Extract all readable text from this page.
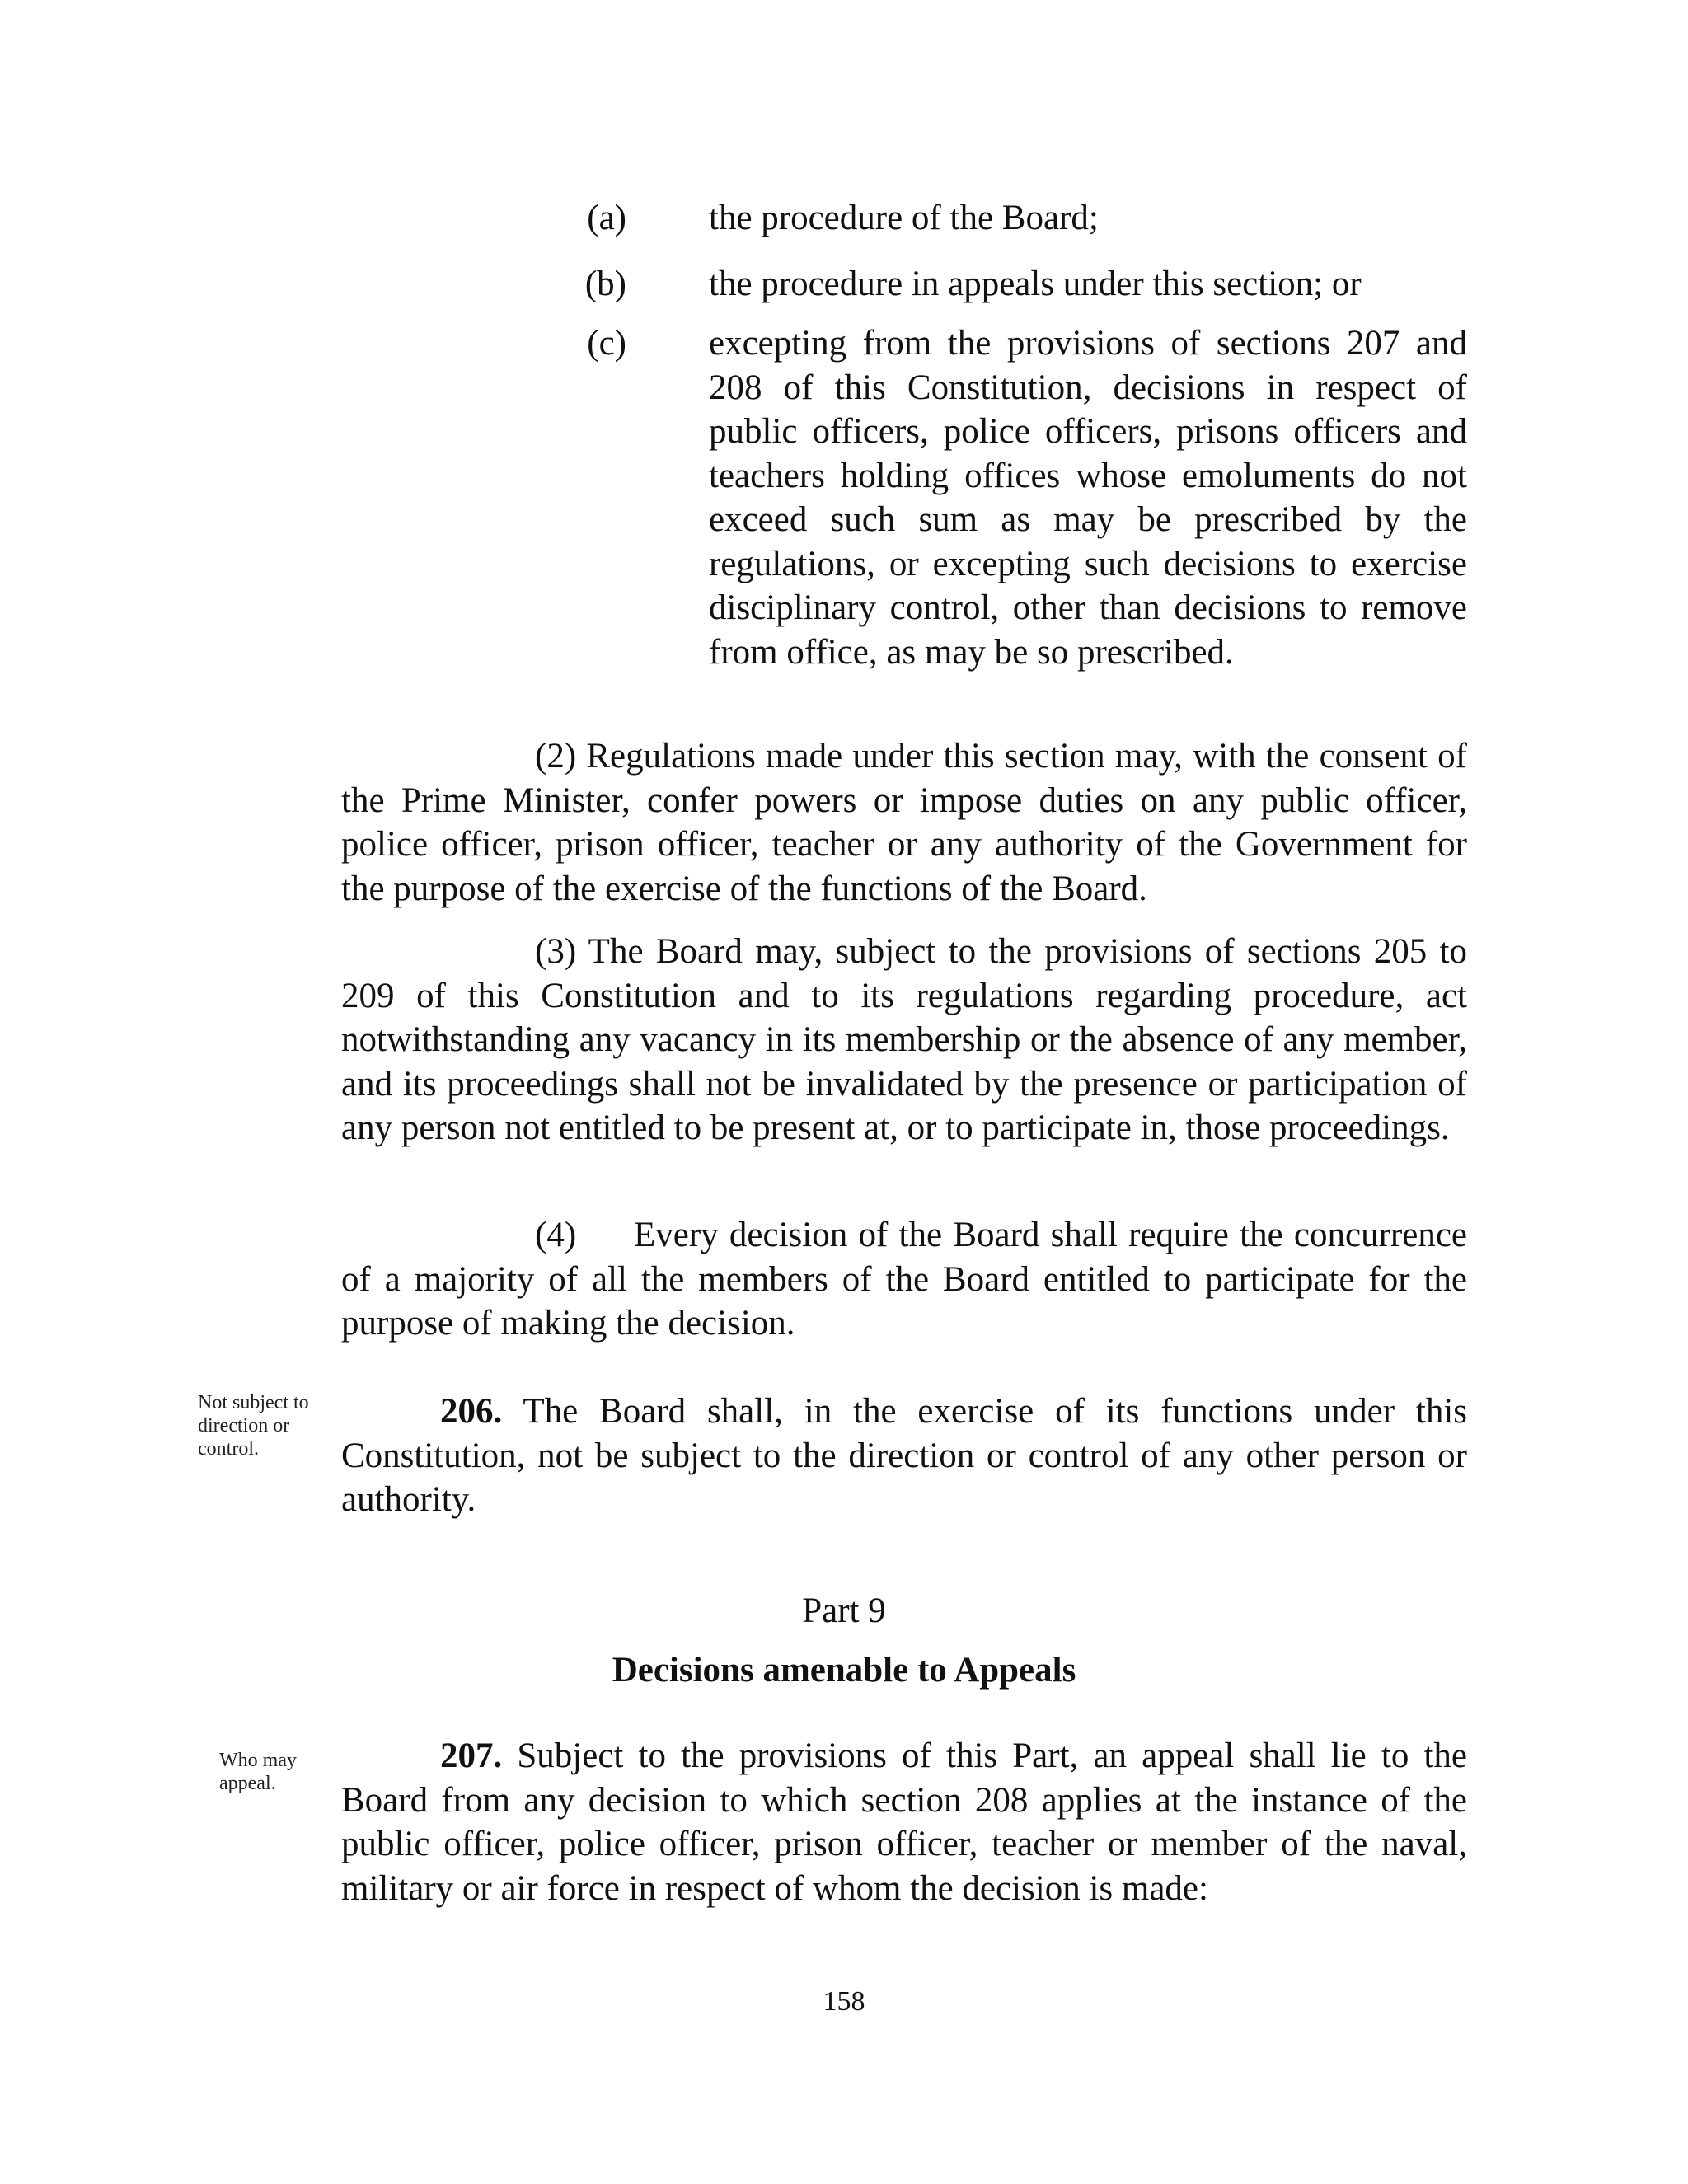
(a) the procedure of the Board;
(b) the procedure in appeals under this section; or
(c) excepting from the provisions of sections 207 and 208 of this Constitution, decisions in respect of public officers, police officers, prisons officers and teachers holding offices whose emoluments do not exceed such sum as may be prescribed by the regulations, or excepting such decisions to exercise disciplinary control, other than decisions to remove from office, as may be so prescribed.
(2) Regulations made under this section may, with the consent of the Prime Minister, confer powers or impose duties on any public officer, police officer, prison officer, teacher or any authority of the Government for the purpose of the exercise of the functions of the Board.
(3) The Board may, subject to the provisions of sections 205 to 209 of this Constitution and to its regulations regarding procedure, act notwithstanding any vacancy in its membership or the absence of any member, and its proceedings shall not be invalidated by the presence or participation of any person not entitled to be present at, or to participate in, those proceedings.
(4) Every decision of the Board shall require the concurrence of a majority of all the members of the Board entitled to participate for the purpose of making the decision.
Not subject to direction or control.
206. The Board shall, in the exercise of its functions under this Constitution, not be subject to the direction or control of any other person or authority.
Part 9
Decisions amenable to Appeals
Who may appeal.
207. Subject to the provisions of this Part, an appeal shall lie to the Board from any decision to which section 208 applies at the instance of the public officer, police officer, prison officer, teacher or member of the naval, military or air force in respect of whom the decision is made:
158
